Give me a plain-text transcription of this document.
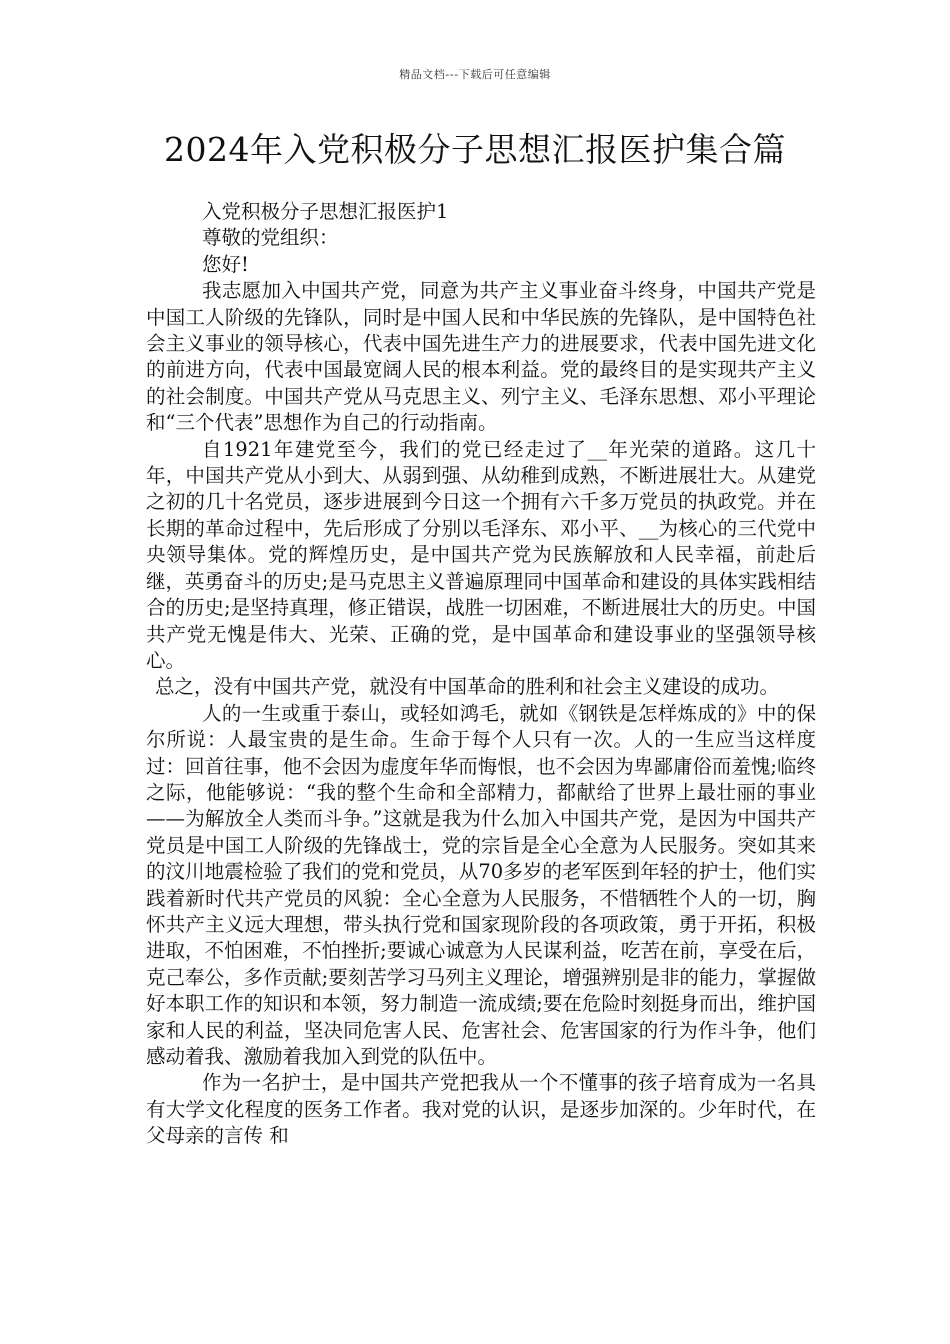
精品文档---下载后可任意编辑
2024年入党积极分子思想汇报医护集合篇

入党积极分子思想汇报医护1

尊敬的党组织：

您好!

我志愿加入中国共产党，同意为共产主义事业奋斗终身，中国共产党是中国工人阶级的先锋队，同时是中国人民和中华民族的先锋队，是中国特色社会主义事业的领导核心，代表中国先进生产力的进展要求，代表中国先进文化的前进方向，代表中国最宽阔人民的根本利益。党的最终目的是实现共产主义的社会制度。中国共产党从马克思主义、列宁主义、毛泽东思想、邓小平理论和“三个代表”思想作为自己的行动指南。

自1921年建党至今，我们的党已经走过了__年光荣的道路。这几十年，中国共产党从小到大、从弱到强、从幼稚到成熟，不断进展壮大。从建党之初的几十名党员，逐步进展到今日这一个拥有六千多万党员的执政党。并在长期的革命过程中，先后形成了分别以毛泽东、邓小平、__为核心的三代党中央领导集体。党的辉煌历史，是中国共产党为民族解放和人民幸福，前赴后继，英勇奋斗的历史;是马克思主义普遍原理同中国革命和建设的具体实践相结合的历史;是坚持真理，修正错误，战胜一切困难，不断进展壮大的历史。中国共产党无愧是伟大、光荣、正确的党，是中国革命和建设事业的坚强领导核心。

总之，没有中国共产党，就没有中国革命的胜利和社会主义建设的成功。

人的一生或重于泰山，或轻如鸿毛，就如《钢铁是怎样炼成的》中的保尔所说：人最宝贵的是生命。生命于每个人只有一次。人的一生应当这样度过：回首往事，他不会因为虚度年华而悔恨，也不会因为卑鄙庸俗而羞愧;临终之际，他能够说：“我的整个生命和全部精力，都献给了世界上最壮丽的事业——为解放全人类而斗争。”这就是我为什么加入中国共产党，是因为中国共产党员是中国工人阶级的先锋战士，党的宗旨是全心全意为人民服务。突如其来的汶川地震检验了我们的党和党员，从70多岁的老军医到年轻的护士，他们实践着新时代共产党员的风貌：全心全意为人民服务，不惜牺牲个人的一切，胸怀共产主义远大理想，带头执行党和国家现阶段的各项政策，勇于开拓，积极进取，不怕困难，不怕挫折;要诚心诚意为人民谋利益，吃苦在前，享受在后，克己奉公，多作贡献;要刻苦学习马列主义理论，增强辨别是非的能力，掌握做好本职工作的知识和本领，努力制造一流成绩;要在危险时刻挺身而出，维护国家和人民的利益，坚决同危害人民、危害社会、危害国家的行为作斗争，他们感动着我、激励着我加入到党的队伍中。

作为一名护士，是中国共产党把我从一个不懂事的孩子培育成为一名具有大学文化程度的医务工作者。我对党的认识，是逐步加深的。少年时代，在父母亲的言传 和
